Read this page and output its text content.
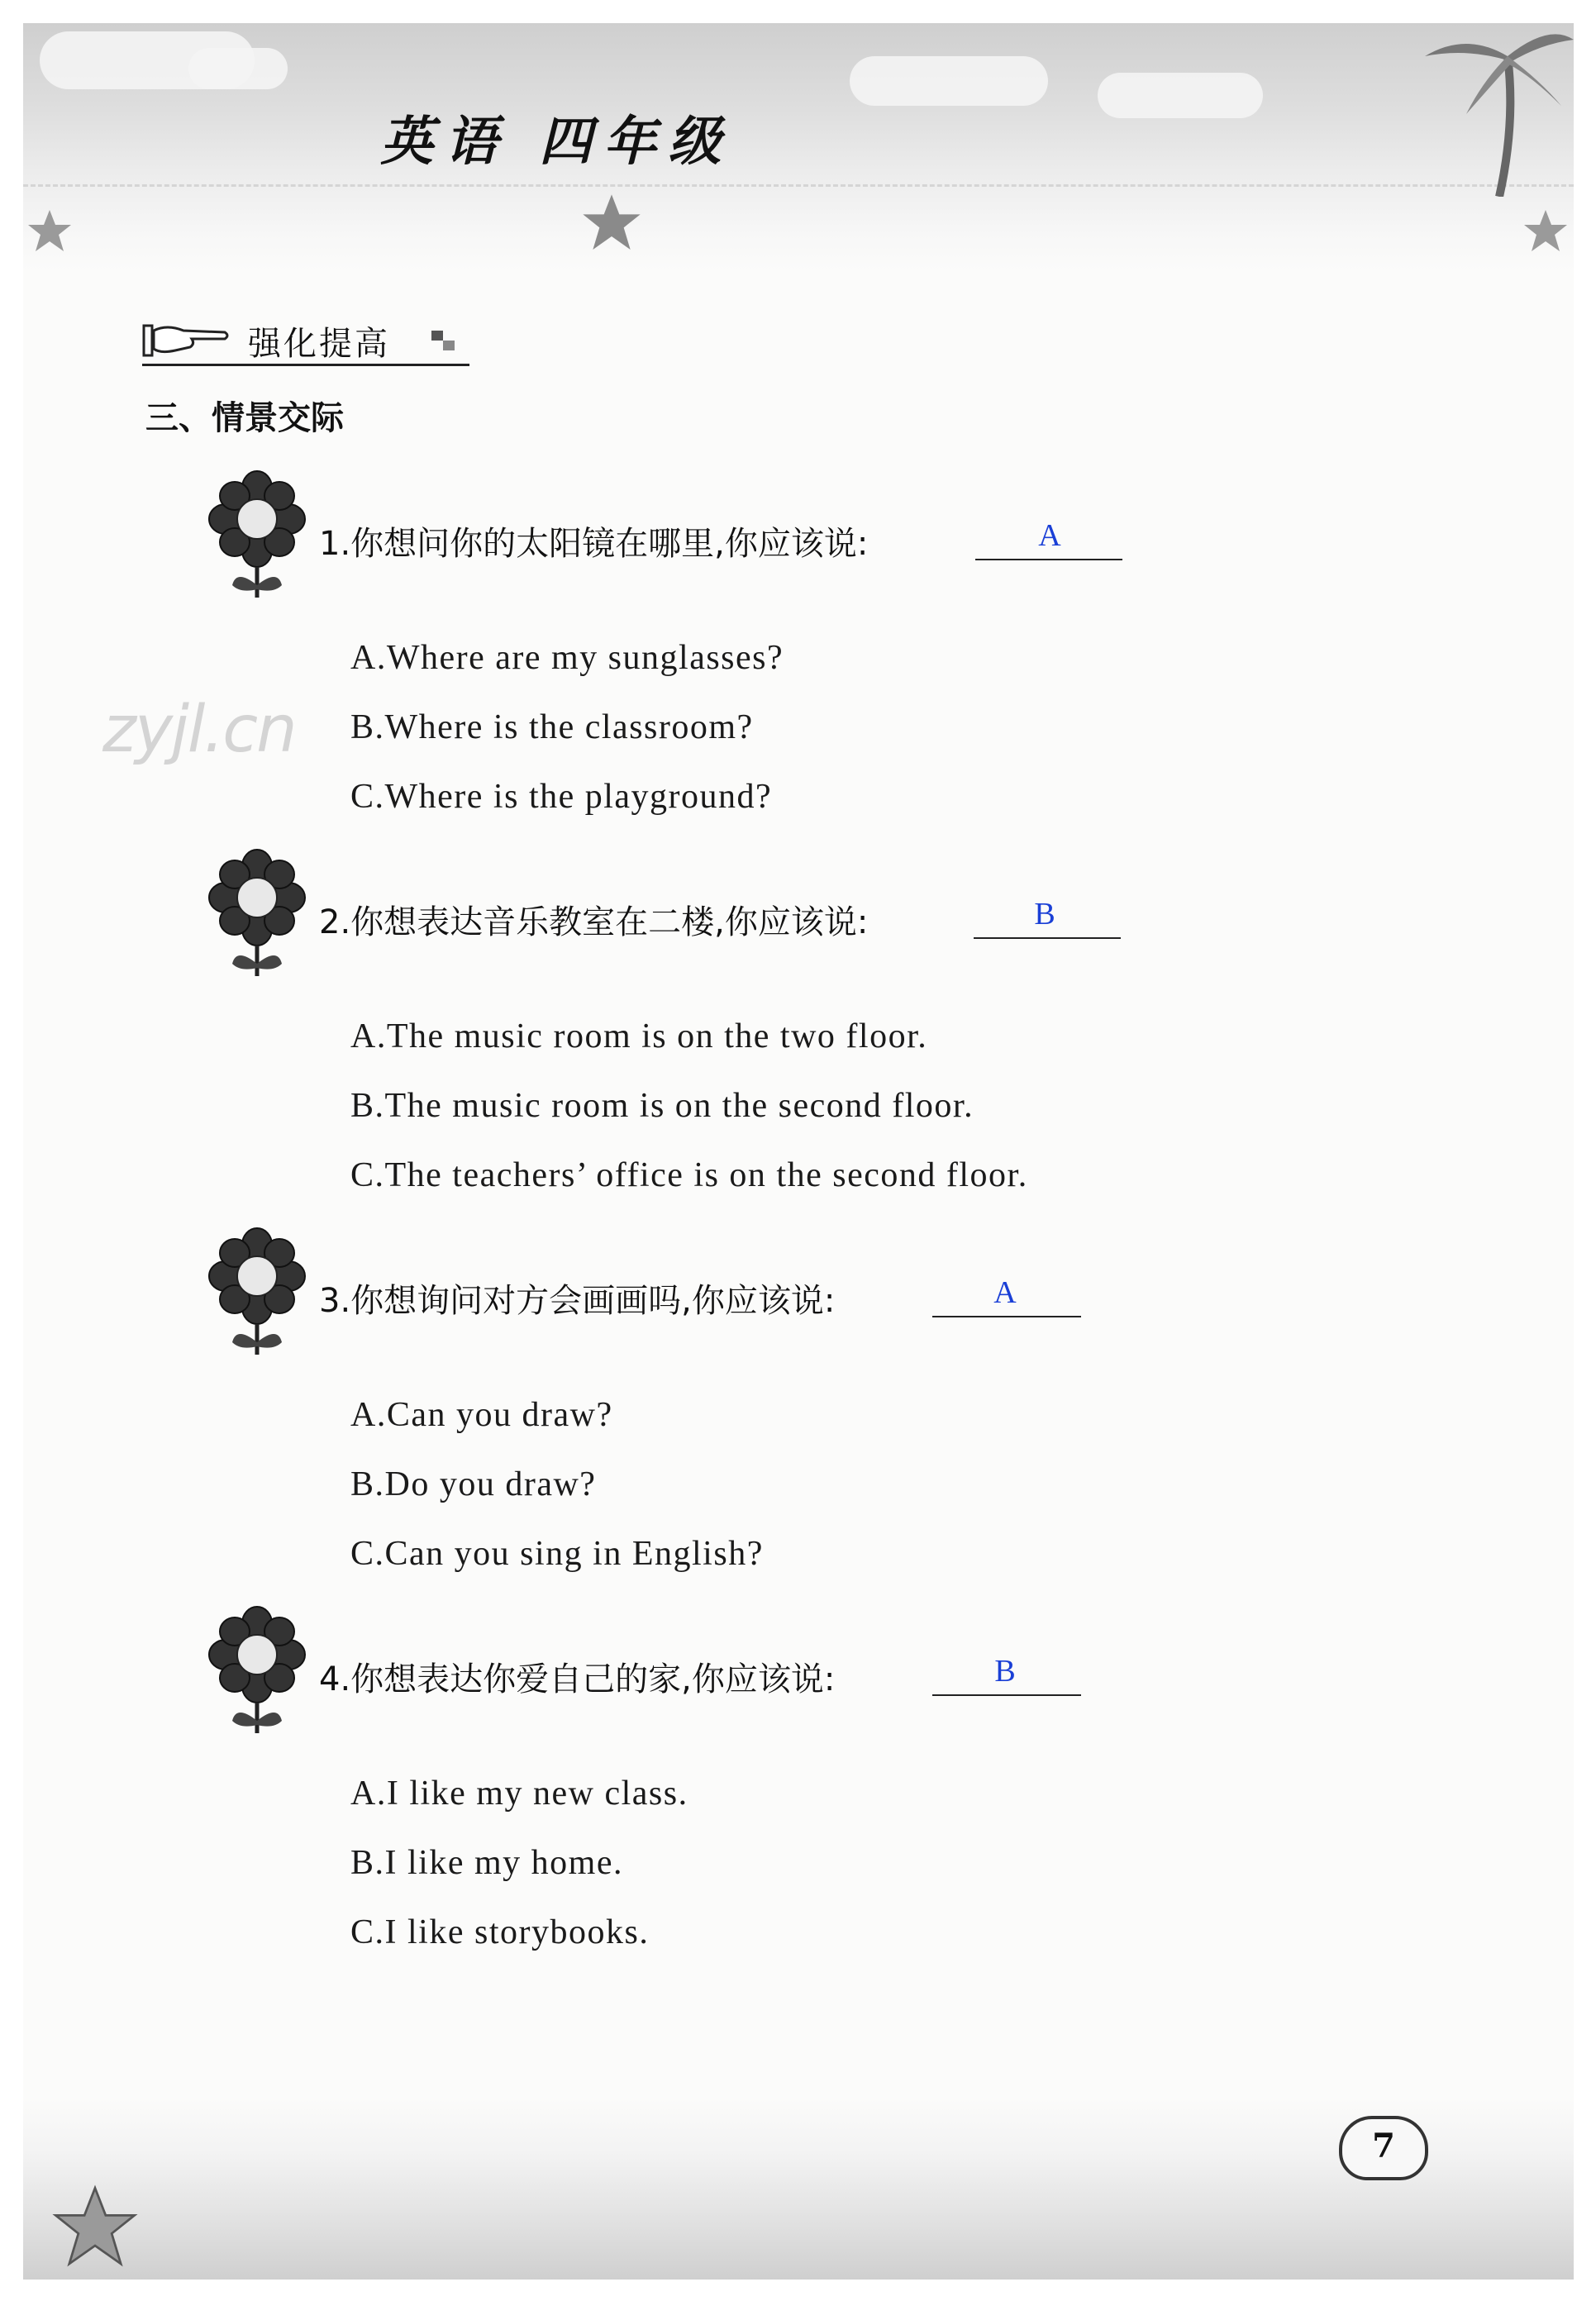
英语 四年级
强化提高
三、情景交际
zyjl.cn
1.你想问你的太阳镜在哪里,你应该说:	A
A.Where are my sunglasses?
B.Where is the classroom?
C.Where is the playground?
2.你想表达音乐教室在二楼,你应该说:	B
A.The music room is on the two floor.
B.The music room is on the second floor.
C.The teachers’ office is on the second floor.
3.你想询问对方会画画吗,你应该说:	A
A.Can you draw?
B.Do you draw?
C.Can you sing in English?
4.你想表达你爱自己的家,你应该说:	B
A.I like my new class.
B.I like my home.
C.I like storybooks.
7
